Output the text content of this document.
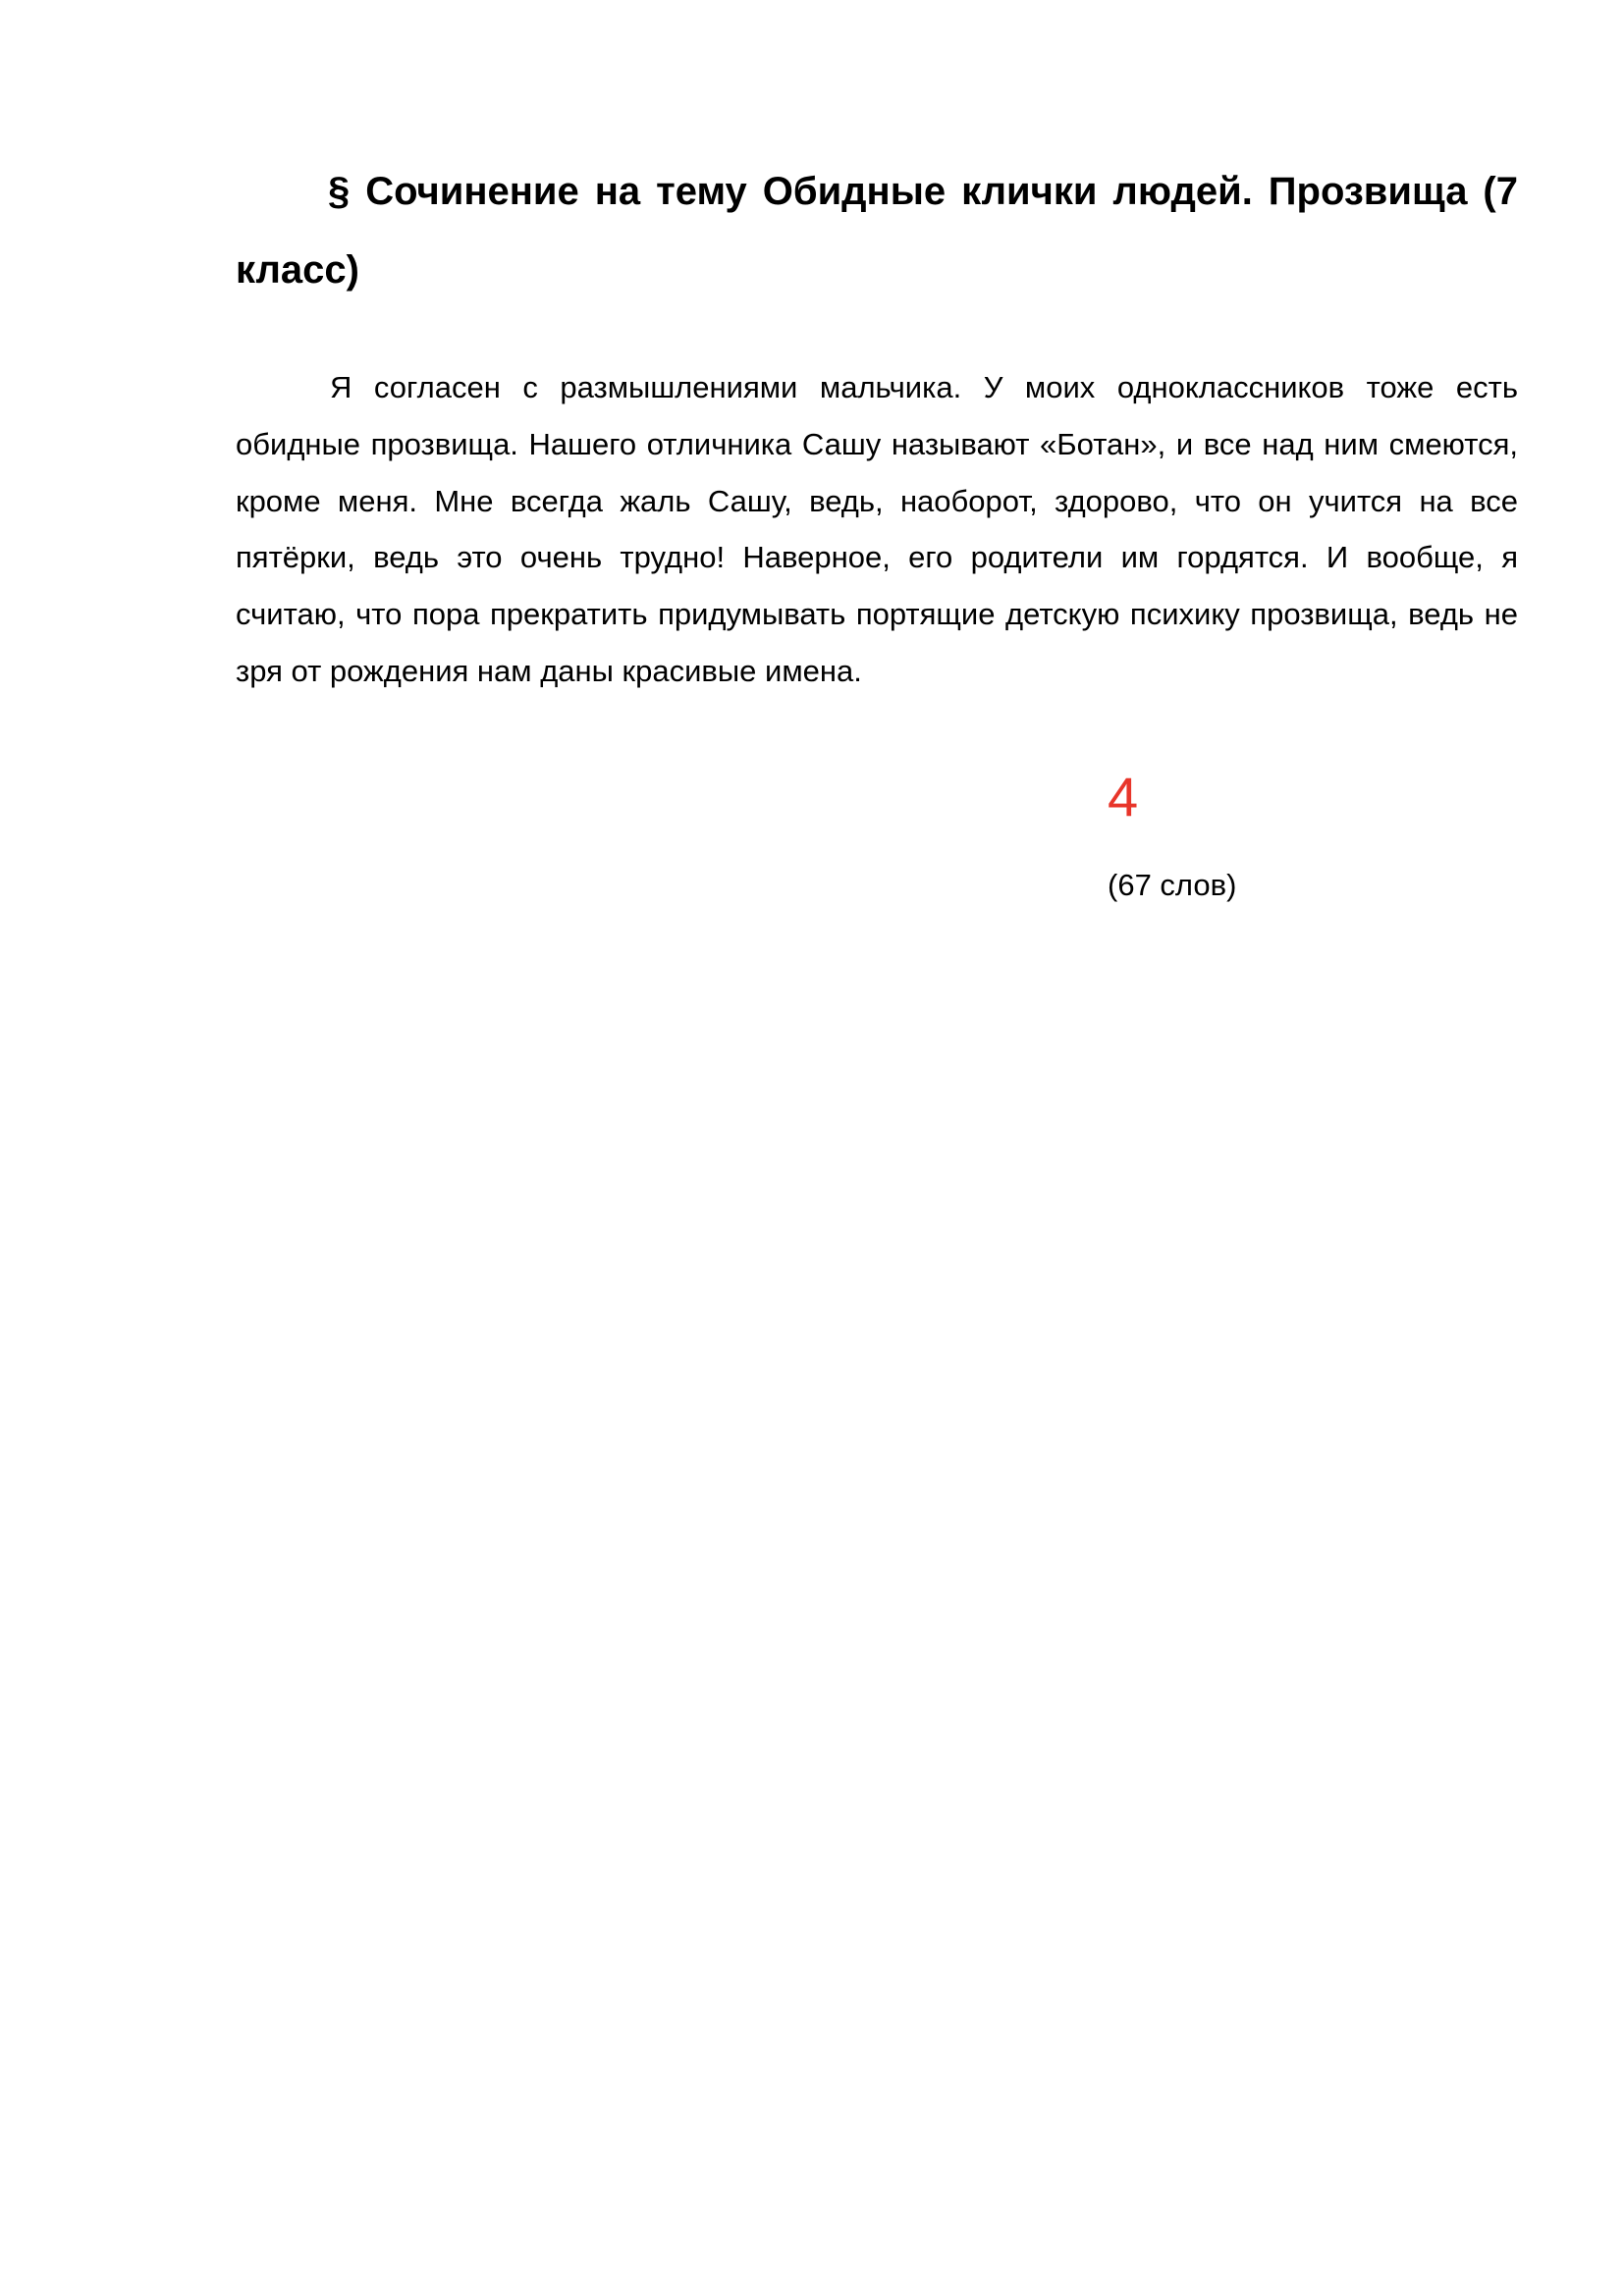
§ Сочинение на тему Обидные клички людей. Прозвища (7 класс)

Я согласен с размышлениями мальчика. У моих одноклассников тоже есть обидные прозвища. Нашего отличника Сашу называют «Ботан», и все над ним смеются, кроме меня. Мне всегда жаль Сашу, ведь, наоборот, здорово, что он учится на все пятёрки, ведь это очень трудно! Наверное, его родители им гордятся. И вообще, я считаю, что пора прекратить придумывать портящие детскую психику прозвища, ведь не зря от рождения нам даны красивые имена.

4
(67 слов)
